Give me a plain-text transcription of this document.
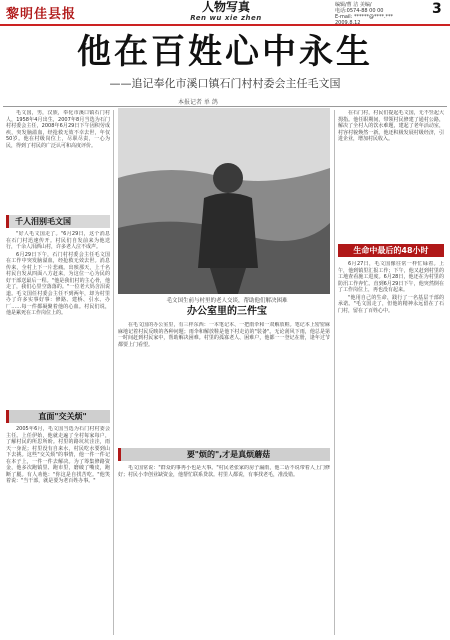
黎明佳县报	人物写真
Ren wu xie zhen
编辑/曹 洁 美编/
电话:0574-88 00 00
E-mail: ******@****.***
2009.8.12
3
他在百姓心中永生
——追记奉化市溪口镇石门村村委会主任毛文国
本报记者 单 鸽

毛文国，男，汉族，奉化市溪口镇石门村人，1958年4月出生，2007年8月当选为石门村村委会主任，2008年6月29日下午因积劳成疾，突发脑溢血，经抢救无效不幸去世，年仅50岁。他在村级岗位上，尽职尽责，一心为民，得到了村民的广泛认可和高度评价。

千人泪别毛文国

"好人毛文国走了。"6月29日，这个消息在石门村迅速传开。村民们自发前来为他送行，千余人泪洒山村，许多老人泣不成声。

6月29日下午，石门村村委会主任毛文国在工作中突发脑溢血，经抢救无效去世。消息传来，全村上下一片悲痛。出殡那天，上千名村民自发从四面八方赶来，为这位一心为民的好干部送最后一程。"他是我们村的主心骨，他走了，我们心里空落落的。"一位老大妈含泪说道。毛文国任村委会主任不到两年，却为村里办了许多实事好事：修路、建桥、引水、办厂……每一件都凝聚着他的心血。村民们说，他是累死在工作岗位上的。

直面"交关烦"

2005年6月，毛文国当选为石门村村委会主任。上任伊始，他就走遍了全村每家每户，了解村民的所思所盼。村里的路坑坑洼洼，雨天一身泥；村里没有自来水，村民吃水要到山下去挑。这些"交关烦"的事情，他一件一件记在本子上，一件一件去解决。为了筹集修路资金，他多次跑镇里、跑市里，磨破了嘴皮，跑断了腿。有人劝他："你这是自找苦吃。"他笑着说："当干部，就是要为老百姓办事。"

毛文国生前与村里的老人交谈，帮助他们解决困难
办公室里的三件宝

在毛文国的办公室里，有三样东西：一本笔记本、一把雨伞和一双解放鞋。笔记本上密密麻麻地记着村民反映的各种问题；雨伞和解放鞋是他下村走访的"装备"。无论刮风下雨，他总是第一时间赶到村民家中，帮助解决困难。村里的孤寡老人、困难户，他都一一登记在册，逢年过节都要上门看望。

要"烦的",才是真烦蘑菇

毛文国常说："群众的事再小也是大事。"村民老张家的房子漏雨，他二话不说带着人上门修好；村民小李创业缺资金，他帮忙联系贷款。村里人都说，有事找老毛，准没错。

在石门村，村民们提起毛文国，无不竖起大拇指。他任职期间，带领村民修建了通村公路，解决了全村人的饮水难题，建起了老年活动室，村容村貌焕然一新。他还积极发展村级经济，引进企业，增加村民收入。

生命中最后的48小时

6月27日，毛文国像往常一样忙碌着。上午，他到镇里汇报工作；下午，他又赶到村里的工地查看施工进度。6月28日，他还在为村里的防汛工作奔忙。直到6月29日下午，他突然倒在了工作岗位上，再也没有起来。

"他用自己的生命，践行了一名基层干部的承诺。"毛文国走了，但他的精神永远留在了石门村，留在了百姓心中。
